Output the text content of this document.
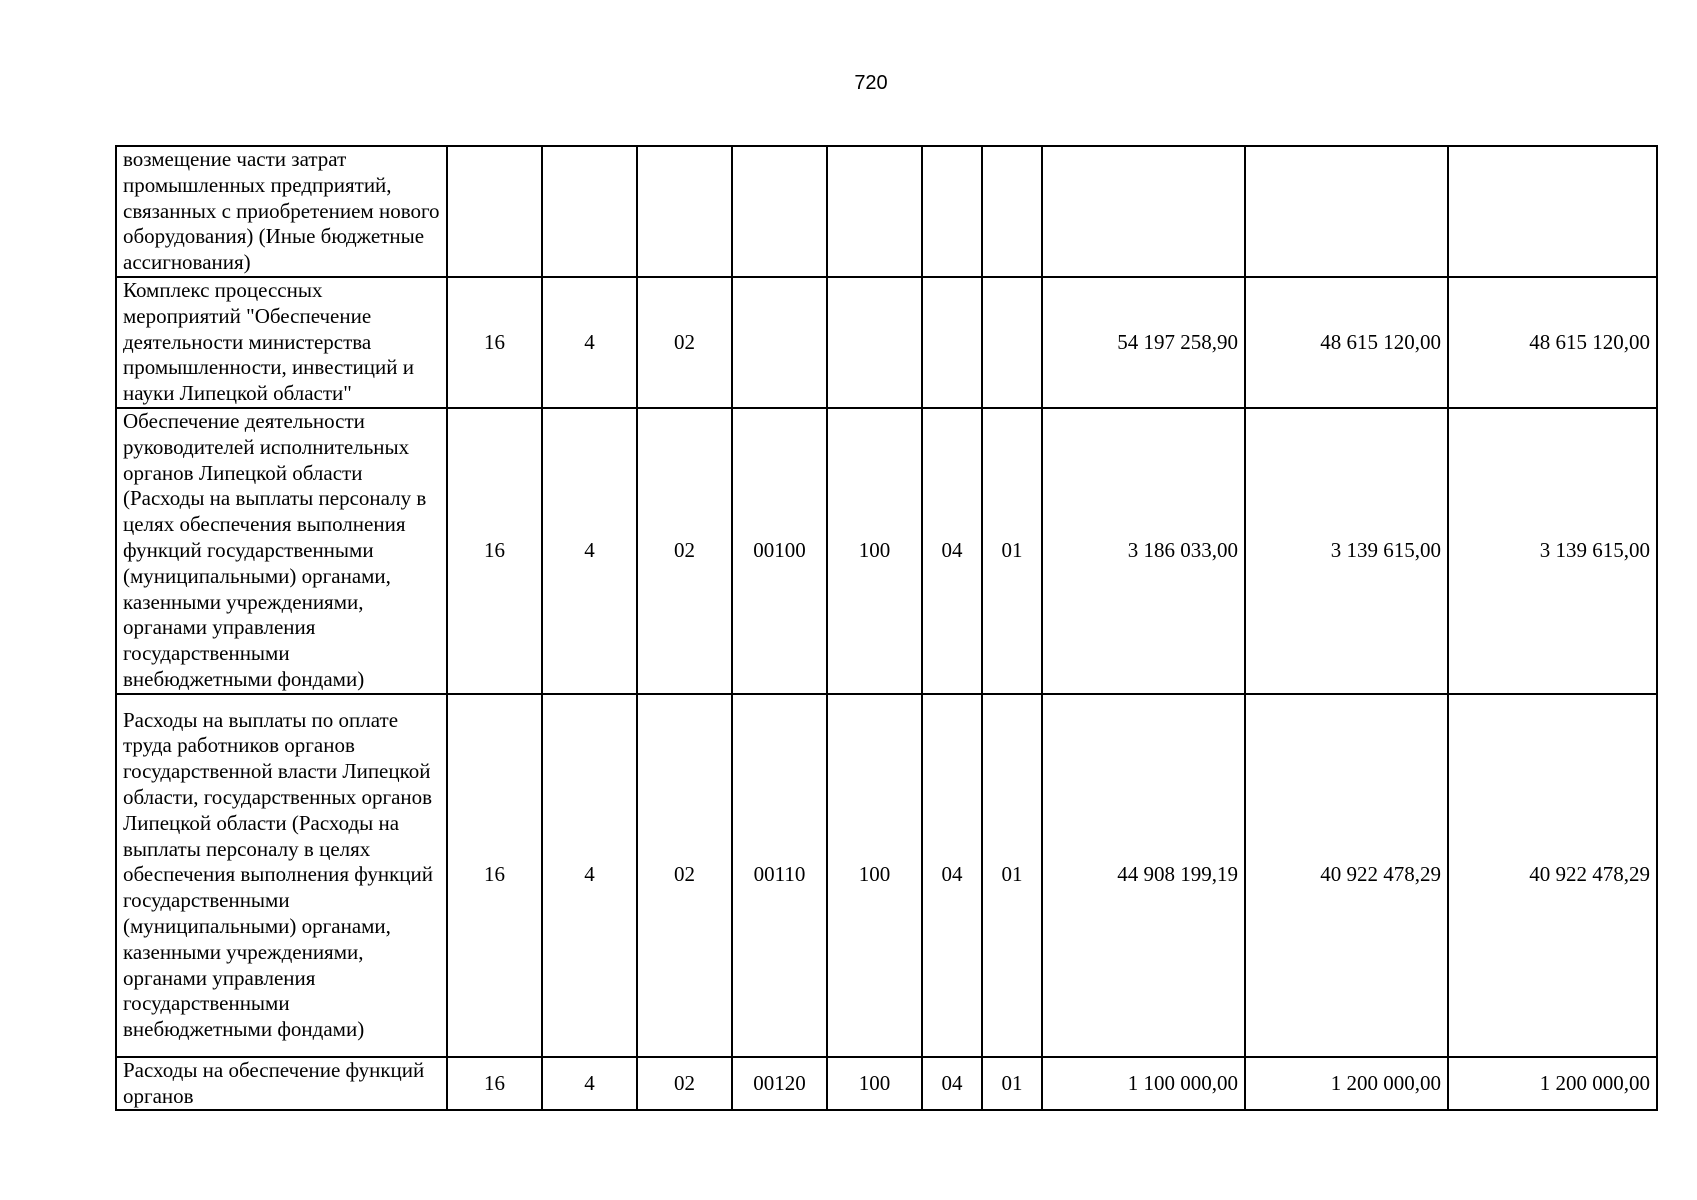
720
возмещение части затрат промышленных предприятий, связанных с приобретением нового оборудования) (Иные бюджетные ассигнования)										
Комплекс процессных мероприятий "Обеспечение деятельности министерства промышленности, инвестиций и науки Липецкой области"	16	4	02					54 197 258,90	48 615 120,00	48 615 120,00
Обеспечение деятельности руководителей исполнительных органов Липецкой области (Расходы на выплаты персоналу в целях обеспечения выполнения функций государственными (муниципальными) органами, казенными учреждениями, органами управления государственными внебюджетными фондами)	16	4	02	00100	100	04	01	3 186 033,00	3 139 615,00	3 139 615,00
Расходы на выплаты по оплате труда работников органов государственной власти Липецкой области, государственных органов Липецкой области (Расходы на выплаты персоналу в целях обеспечения выполнения функций государственными (муниципальными) органами, казенными учреждениями, органами управления государственными внебюджетными фондами)	16	4	02	00110	100	04	01	44 908 199,19	40 922 478,29	40 922 478,29
Расходы на обеспечение функций органов	16	4	02	00120	100	04	01	1 100 000,00	1 200 000,00	1 200 000,00
